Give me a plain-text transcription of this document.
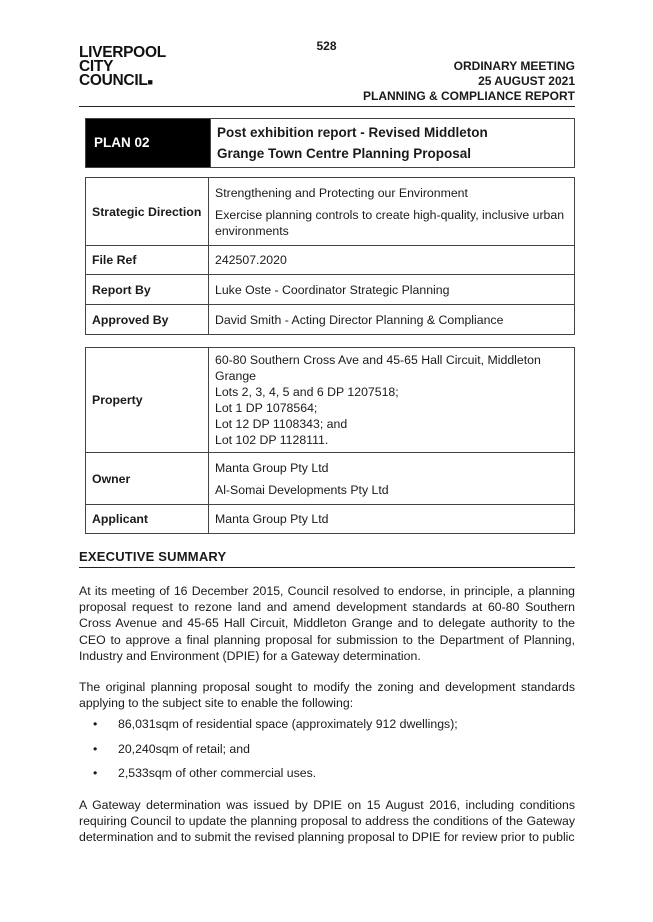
528
LIVERPOOL
CITY
COUNCIL■
ORDINARY MEETING
25 AUGUST 2021
PLANNING & COMPLIANCE REPORT
PLAN 02	
Post exhibition report - Revised Middleton
Grange Town Centre Planning Proposal
Strategic Direction	Strengthening and Protecting our Environment
Exercise planning controls to create high-quality, inclusive urban environments

File Ref	242507.2020
Report By	Luke Oste - Coordinator Strategic Planning
Approved By	David Smith - Acting Director Planning & Compliance
Property	60-80 Southern Cross Ave and 45-65 Hall Circuit, Middleton Grange
Lots 2, 3, 4, 5 and 6 DP 1207518;
Lot 1 DP 1078564;
Lot 12 DP 1108343; and
Lot 102 DP 1128111.

Owner	Manta Group Pty Ltd
Al-Somai Developments Pty Ltd

Applicant	Manta Group Pty Ltd
EXECUTIVE SUMMARY
At its meeting of 16 December 2015, Council resolved to endorse, in principle, a planning proposal request to rezone land and amend development standards at 60-80 Southern Cross Avenue and 45-65 Hall Circuit, Middleton Grange and to delegate authority to the CEO to approve a final planning proposal for submission to the Department of Planning, Industry and Environment (DPIE) for a Gateway determination.
The original planning proposal sought to modify the zoning and development standards applying to the subject site to enable the following:
• 86,031sqm of residential space (approximately 912 dwellings);
• 20,240sqm of retail; and
• 2,533sqm of other commercial uses.
A Gateway determination was issued by DPIE on 15 August 2016, including conditions requiring Council to update the planning proposal to address the conditions of the Gateway determination and to submit the revised planning proposal to DPIE for review prior to public
